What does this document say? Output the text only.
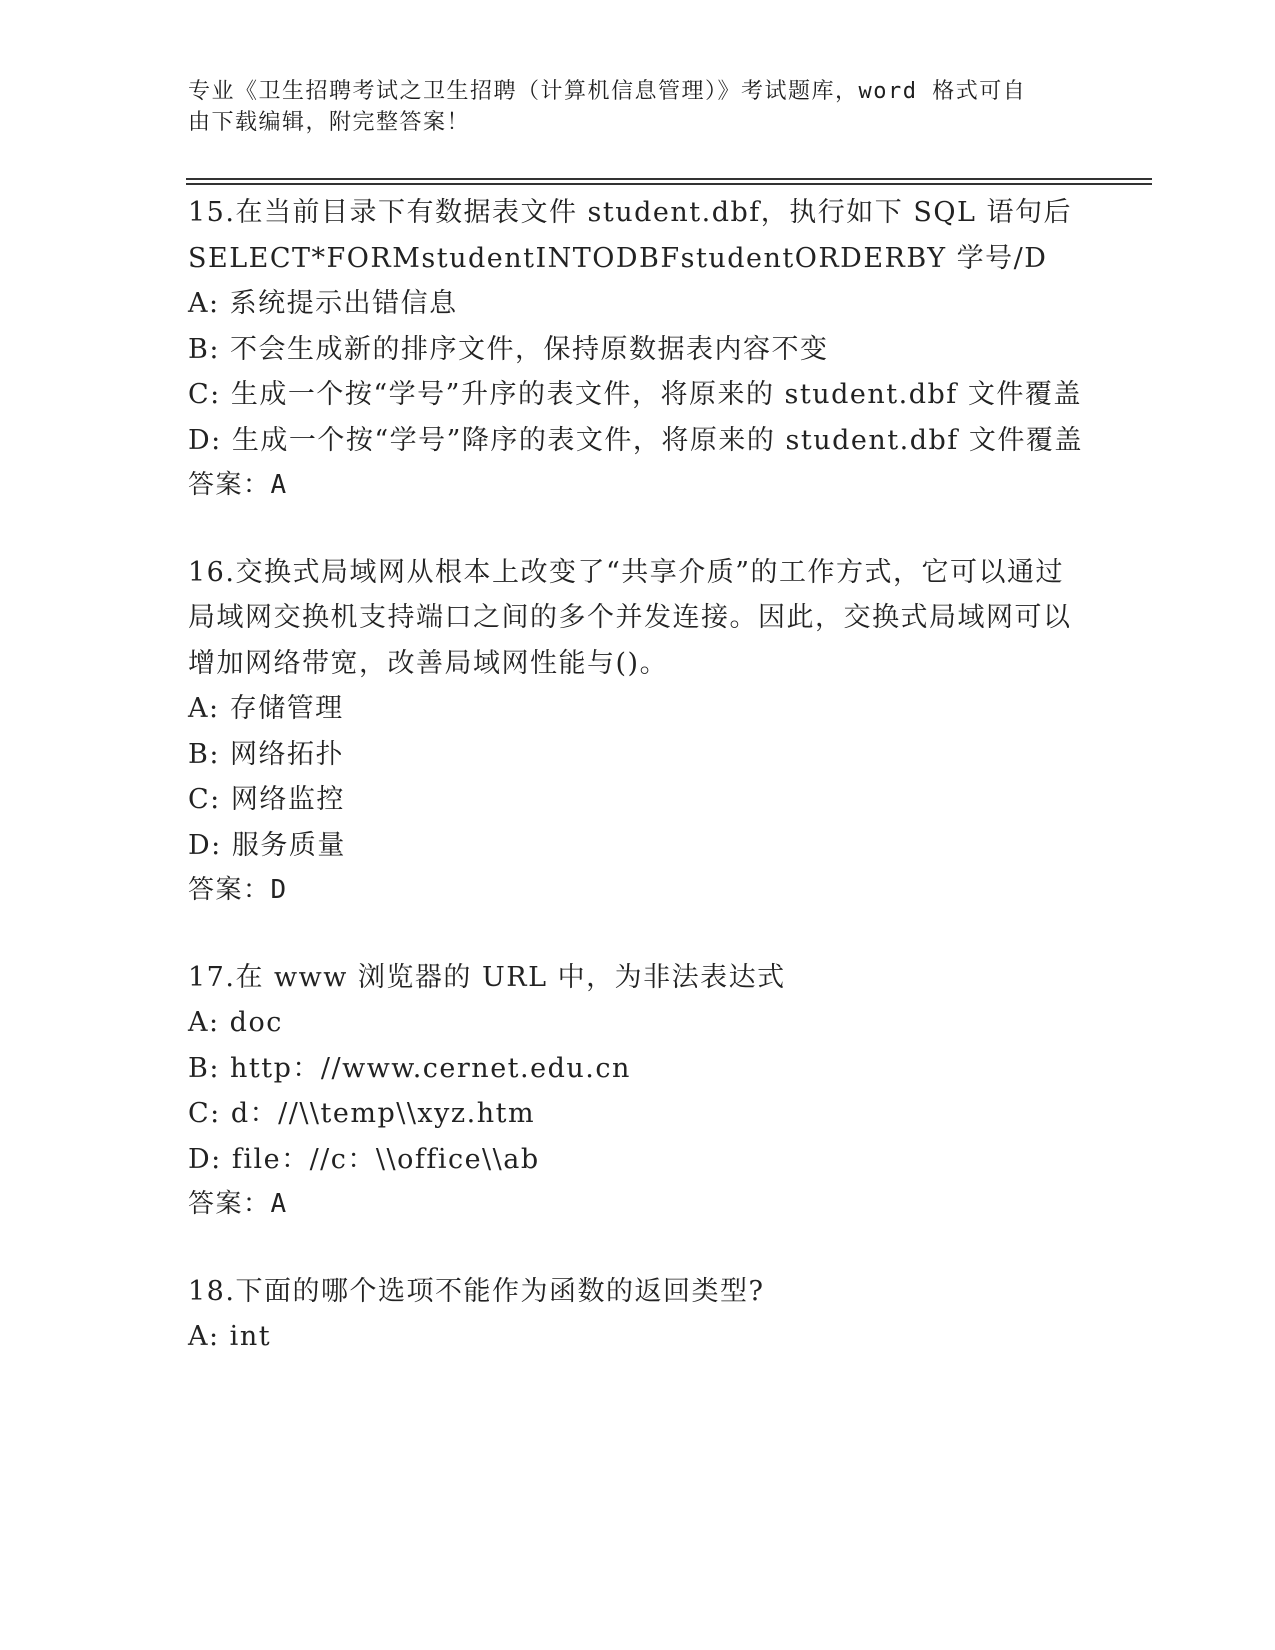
专业《卫生招聘考试之卫生招聘（计算机信息管理）》考试题库，word 格式可自
由下载编辑，附完整答案！

15.在当前目录下有数据表文件 student.dbf，执行如下 SQL 语句后

SELECT*FORMstudentINTODBFstudentORDERBY 学号/D

A: 系统提示出错信息

B: 不会生成新的排序文件，保持原数据表内容不变

C: 生成一个按“学号”升序的表文件，将原来的 student.dbf 文件覆盖

D: 生成一个按“学号”降序的表文件，将原来的 student.dbf 文件覆盖

答案：A

16.交换式局域网从根本上改变了“共享介质”的工作方式，它可以通过局域网交换机支持端口之间的多个并发连接。因此，交换式局域网可以增加网络带宽，改善局域网性能与()。

A: 存储管理

B: 网络拓扑

C: 网络监控

D: 服务质量

答案：D

17.在 www 浏览器的 URL 中，为非法表达式

A: doc

B: http：//www.cernet.edu.cn

C: d：//\\temp\\xyz.htm

D: file：//c：\\office\\ab

答案：A

18.下面的哪个选项不能作为函数的返回类型?

A: int
